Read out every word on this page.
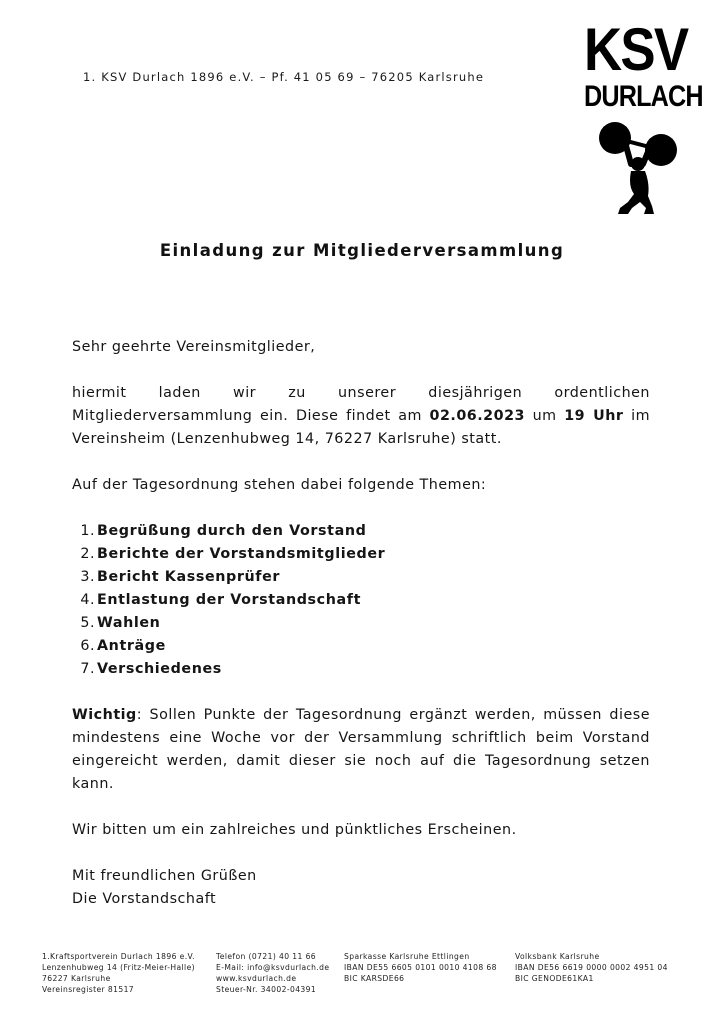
1. KSV Durlach 1896 e.V. – Pf. 41 05 69 – 76205 Karlsruhe KSV
DURLACH
Einladung zur Mitgliederversammlung

Sehr geehrte Vereinsmitglieder,

hiermit laden wir zu unserer diesjährigen ordentlichen Mitgliederversammlung ein. Diese findet am 02.06.2023 um 19 Uhr im Vereinsheim (Lenzenhubweg 14, 76227 Karlsruhe) statt.

Auf der Tagesordnung stehen dabei folgende Themen:

1. Begrüßung durch den Vorstand
2. Berichte der Vorstandsmitglieder
3. Bericht Kassenprüfer
4. Entlastung der Vorstandschaft
5. Wahlen
6. Anträge
7. Verschiedenes

Wichtig: Sollen Punkte der Tagesordnung ergänzt werden, müssen diese mindestens eine Woche vor der Versammlung schriftlich beim Vorstand eingereicht werden, damit dieser sie noch auf die Tagesordnung setzen kann.

Wir bitten um ein zahlreiches und pünktliches Erscheinen.

Mit freundlichen Grüßen

Die Vorstandschaft

1.Kraftsportverein Durlach 1896 e.V.
Lenzenhubweg 14 (Fritz-Meier-Halle)
76227 Karlsruhe
Vereinsregister 81517
Telefon (0721) 40 11 66
E-Mail: info@ksvdurlach.de
www.ksvdurlach.de
Steuer-Nr. 34002-04391
Sparkasse Karlsruhe Ettlingen
IBAN DE55 6605 0101 0010 4108 68
BIC KARSDE66
Volksbank Karlsruhe
IBAN DE56 6619 0000 0002 4951 04
BIC GENODE61KA1
